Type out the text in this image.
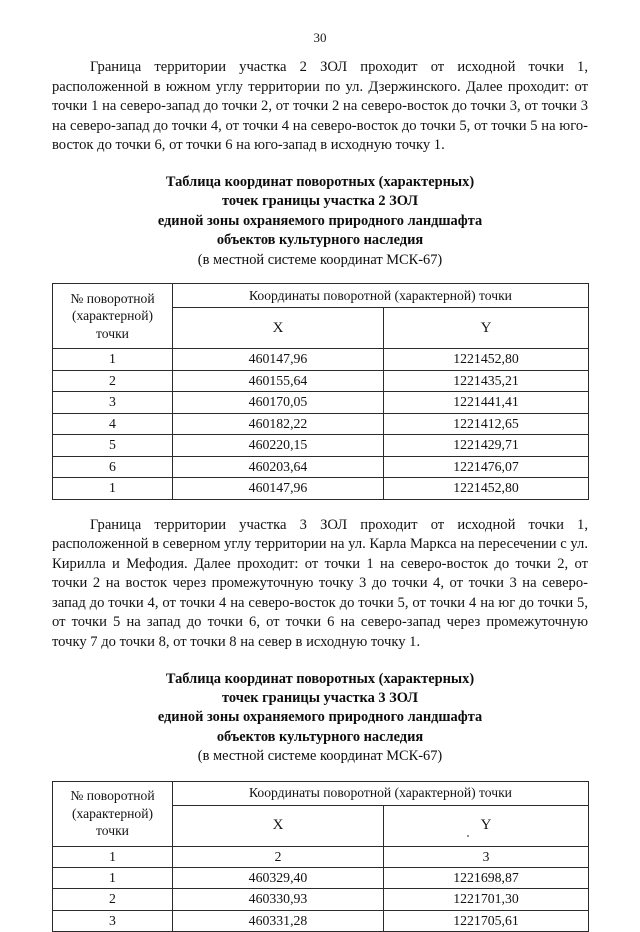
30

Граница территории участка 2 ЗОЛ проходит от исходной точки 1, расположенной в южном углу территории по ул. Дзержинского. Далее проходит: от точки 1 на северо-запад до точки 2, от точки 2 на северо-восток до точки 3, от точки 3 на северо-запад до точки 4, от точки 4 на северо-восток до точки 5, от точки 5 на юго-восток до точки 6, от точки 6 на юго-запад в исходную точку 1.

Таблица координат поворотных (характерных)
точек границы участка 2 ЗОЛ
единой зоны охраняемого природного ландшафта
объектов культурного наследия
(в местной системе координат МСК-67)
№ поворотной
(характерной)
точки	Координаты поворотной (характерной) точки	
	X	Y
1	460147,96	1221452,80
2	460155,64	1221435,21
3	460170,05	1221441,41
4	460182,22	1221412,65
5	460220,15	1221429,71
6	460203,64	1221476,07
1	460147,96	1221452,80

Граница территории участка 3 ЗОЛ проходит от исходной точки 1, расположенной в северном углу территории на ул. Карла Маркса на пересечении с ул. Кирилла и Мефодия. Далее проходит: от точки 1 на северо-восток до точки 2, от точки 2 на восток через промежуточную точку 3 до точки 4, от точки 3 на северо-запад до точки 4, от точки 4 на северо-восток до точки 5, от точки 4 на юг до точки 5, от точки 5 на запад до точки 6, от точки 6 на северо-запад через промежуточную точку 7 до точки 8, от точки 8 на север в исходную точку 1.

Таблица координат поворотных (характерных)
точек границы участка 3 ЗОЛ
единой зоны охраняемого природного ландшафта
объектов культурного наследия
(в местной системе координат МСК-67)
№ поворотной
(характерной)
точки	Координаты поворотной (характерной) точки	
	X	Y
1	2	3
1	460329,40	1221698,87
2	460330,93	1221701,30
3	460331,28	1221705,61
